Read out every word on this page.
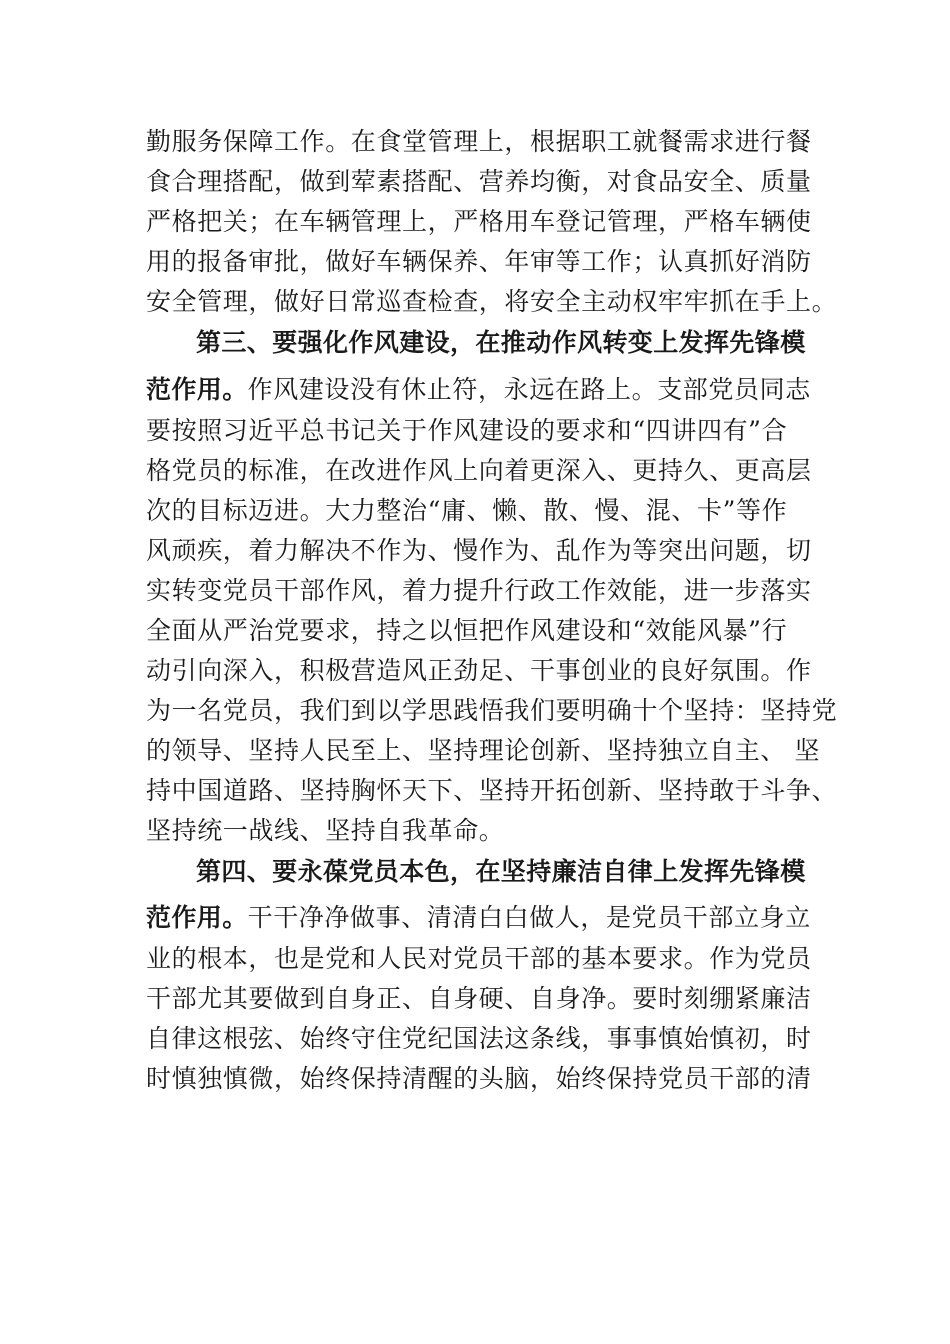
勤服务保障工作。在食堂管理上，根据职工就餐需求进行餐
食合理搭配，做到荤素搭配、营养均衡，对食品安全、质量
严格把关；在车辆管理上，严格用车登记管理，严格车辆使
用的报备审批，做好车辆保养、年审等工作；认真抓好消防
安全管理，做好日常巡查检查，将安全主动权牢牢抓在手上。
第三、要强化作风建设，在推动作风转变上发挥先锋模
范作用。作风建设没有休止符，永远在路上。支部党员同志
要按照习近平总书记关于作风建设的要求和“四讲四有”合
格党员的标准，在改进作风上向着更深入、更持久、更高层
次的目标迈进。大力整治“庸、懒、散、慢、混、卡”等作
风顽疾，着力解决不作为、慢作为、乱作为等突出问题，切
实转变党员干部作风，着力提升行政工作效能，进一步落实
全面从严治党要求，持之以恒把作风建设和“效能风暴”行
动引向深入，积极营造风正劲足、干事创业的良好氛围。作
为一名党员，我们到以学思践悟我们要明确十个坚持：坚持党
的领导、坚持人民至上、坚持理论创新、坚持独立自主、 坚
持中国道路、坚持胸怀天下、坚持开拓创新、坚持敢于斗争、
坚持统一战线、坚持自我革命。
第四、要永葆党员本色，在坚持廉洁自律上发挥先锋模
范作用。干干净净做事、清清白白做人，是党员干部立身立
业的根本，也是党和人民对党员干部的基本要求。作为党员
干部尤其要做到自身正、自身硬、自身净。要时刻绷紧廉洁
自律这根弦、始终守住党纪国法这条线，事事慎始慎初，时
时慎独慎微，始终保持清醒的头脑，始终保持党员干部的清
